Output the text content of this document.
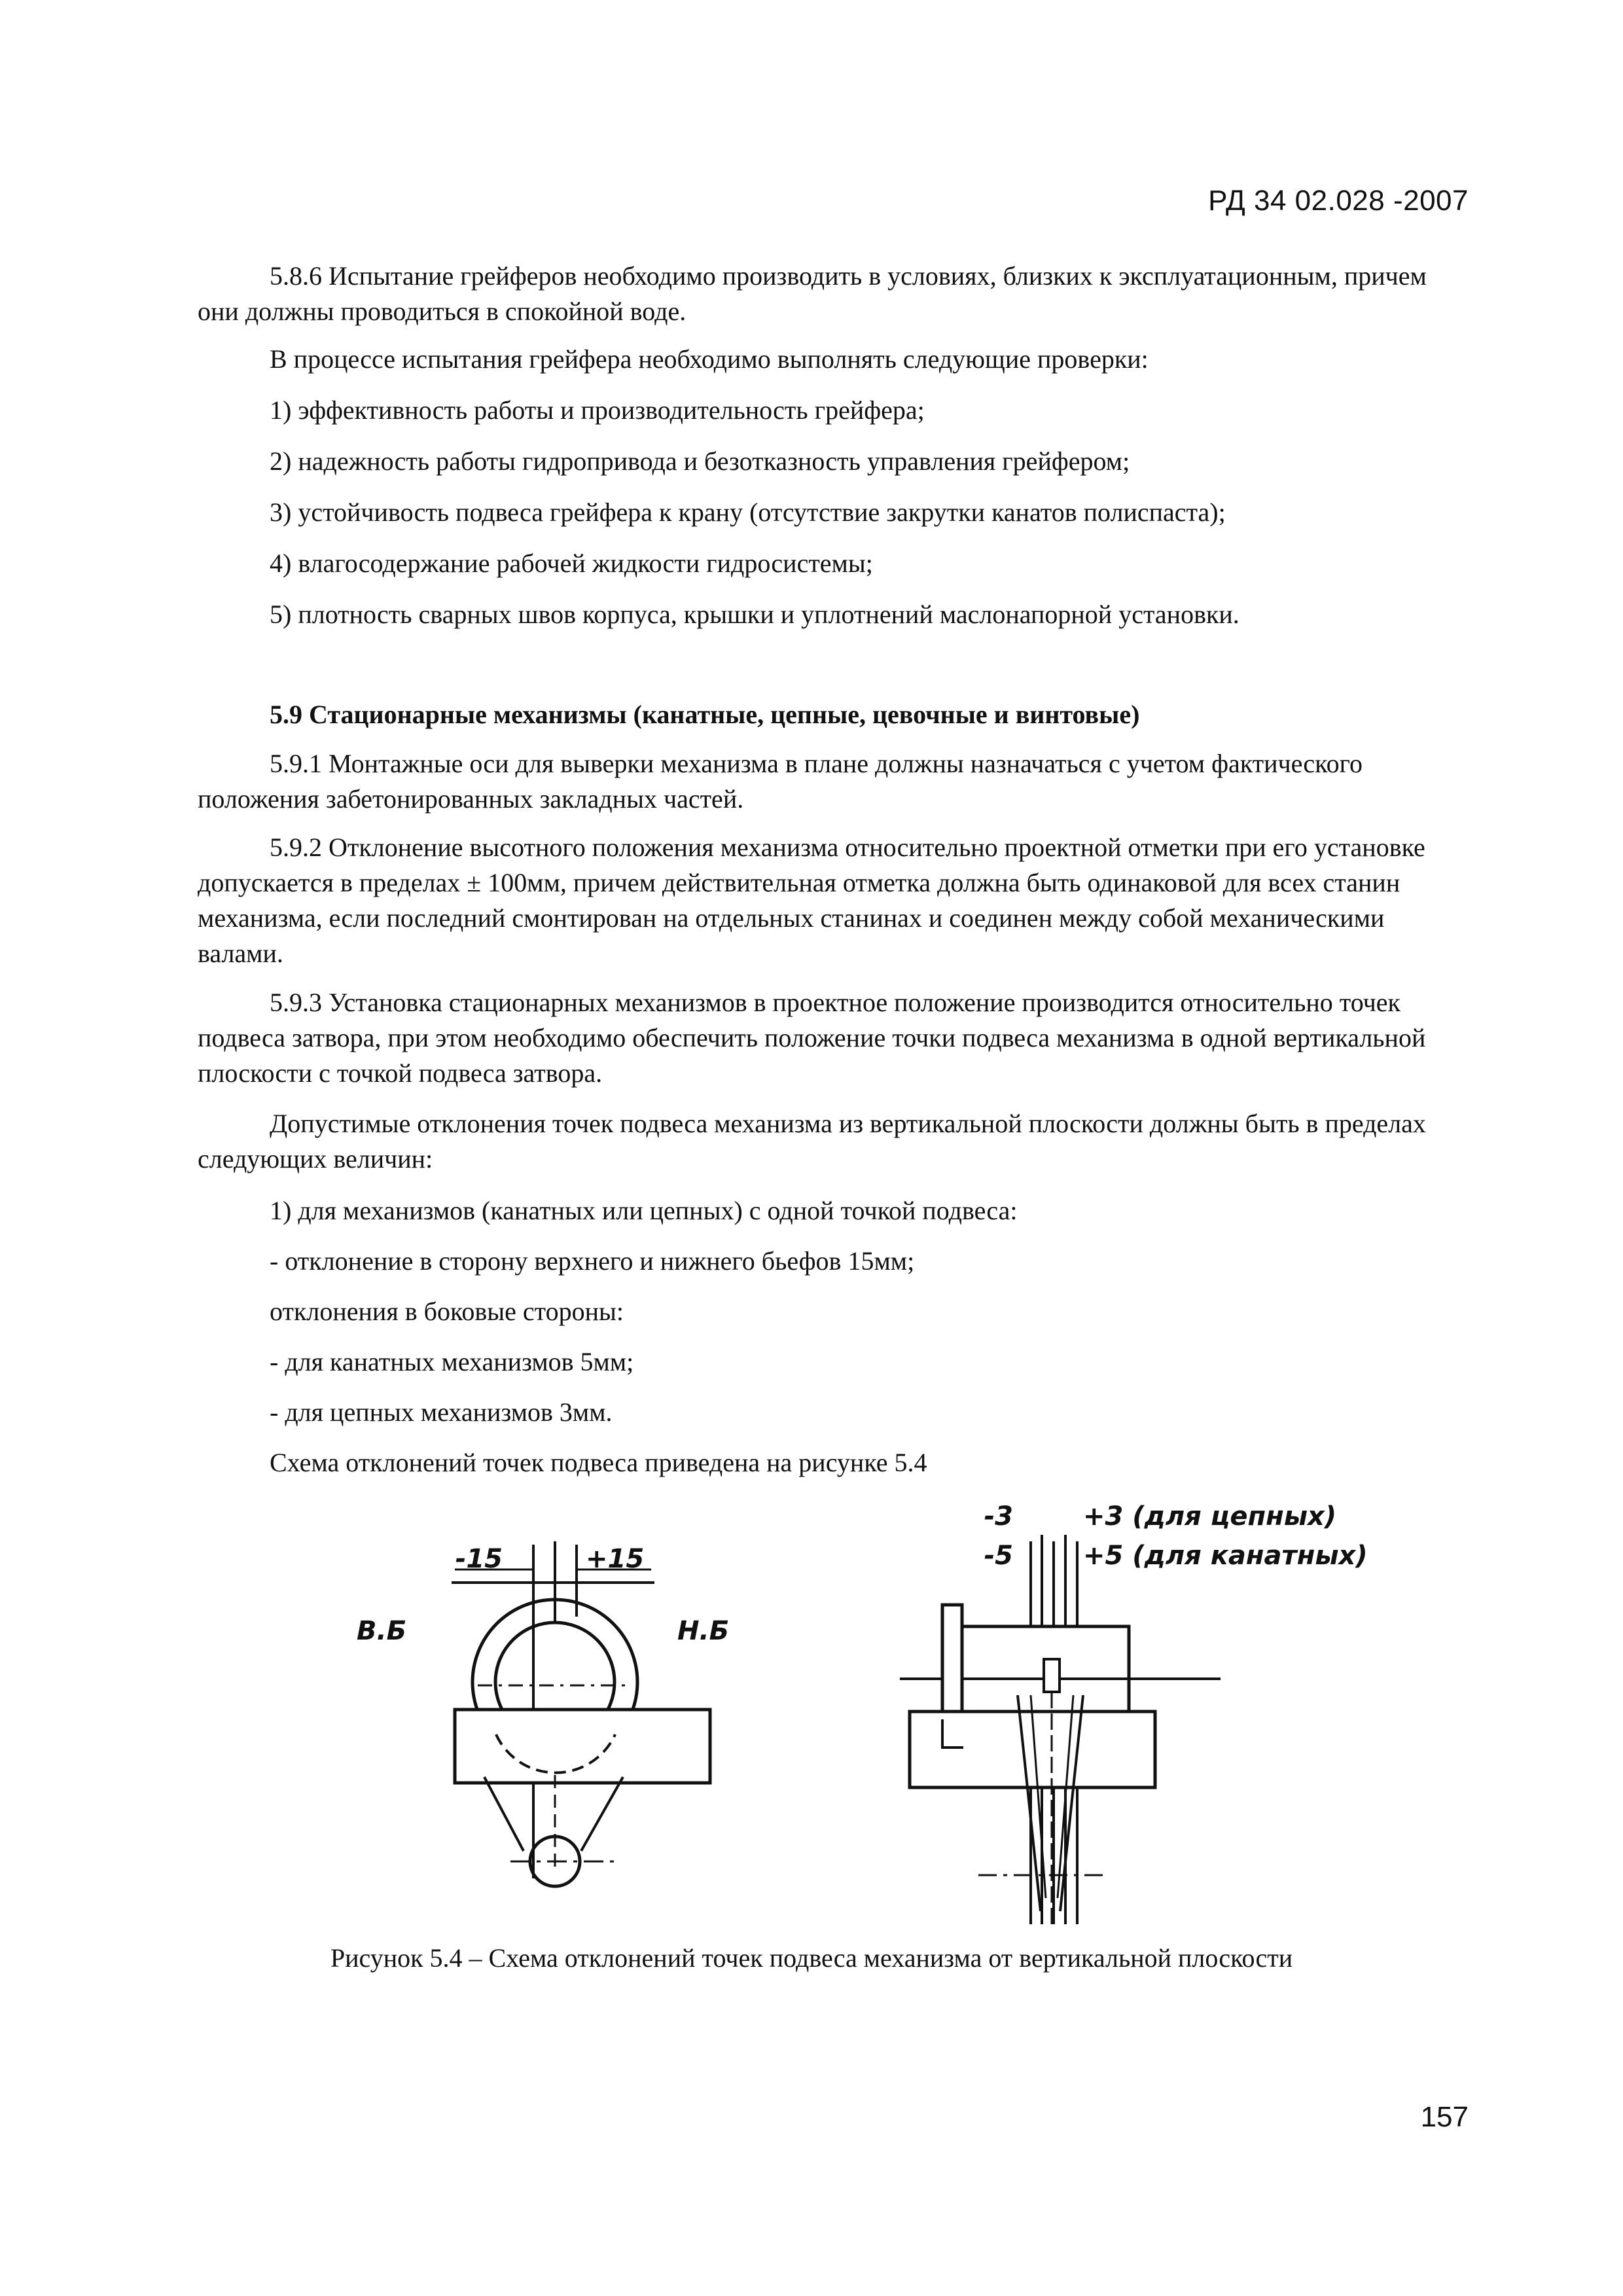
РД 34 02.028 -2007

5.8.6 Испытание грейферов необходимо производить в условиях, близких к эксплуатационным, причем они должны проводиться в спокойной воде.

В процессе испытания грейфера необходимо выполнять следующие проверки:

1) эффективность работы и производительность грейфера;

2) надежность работы гидропривода и безотказность управления грейфером;

3) устойчивость подвеса грейфера к крану (отсутствие закрутки канатов полиспаста);

4) влагосодержание рабочей жидкости гидросистемы;

5) плотность сварных швов корпуса, крышки и уплотнений маслонапорной установки.

5.9 Стационарные механизмы (канатные, цепные, цевочные и винтовые)

5.9.1 Монтажные оси для выверки механизма в плане должны назначаться с учетом фактического положения забетонированных закладных частей.

5.9.2 Отклонение высотного положения механизма относительно проектной отметки при его установке допускается в пределах ± 100мм, причем действительная отметка должна быть одинаковой для всех станин механизма, если последний смонтирован на отдельных станинах и соединен между собой механическими валами.

5.9.3 Установка стационарных механизмов в проектное положение производится относительно точек подвеса затвора, при этом необходимо обеспечить положение точки подвеса механизма в одной вертикальной плоскости с точкой подвеса затвора.

Допустимые отклонения точек подвеса механизма из вертикальной плоскости должны быть в пределах следующих величин:

1) для механизмов (канатных или цепных) с одной точкой подвеса:

- отклонение в сторону верхнего и нижнего бьефов 15мм;

отклонения в боковые стороны:

- для канатных механизмов 5мм;

- для цепных механизмов 3мм.

Схема отклонений точек подвеса приведена на рисунке 5.4

-15	+15
В.Б	Н.Б
-3	+3 (для цепных)
-5	+5 (для канатных)
Рисунок 5.4 – Схема отклонений точек подвеса механизма от вертикальной плоскости
157
